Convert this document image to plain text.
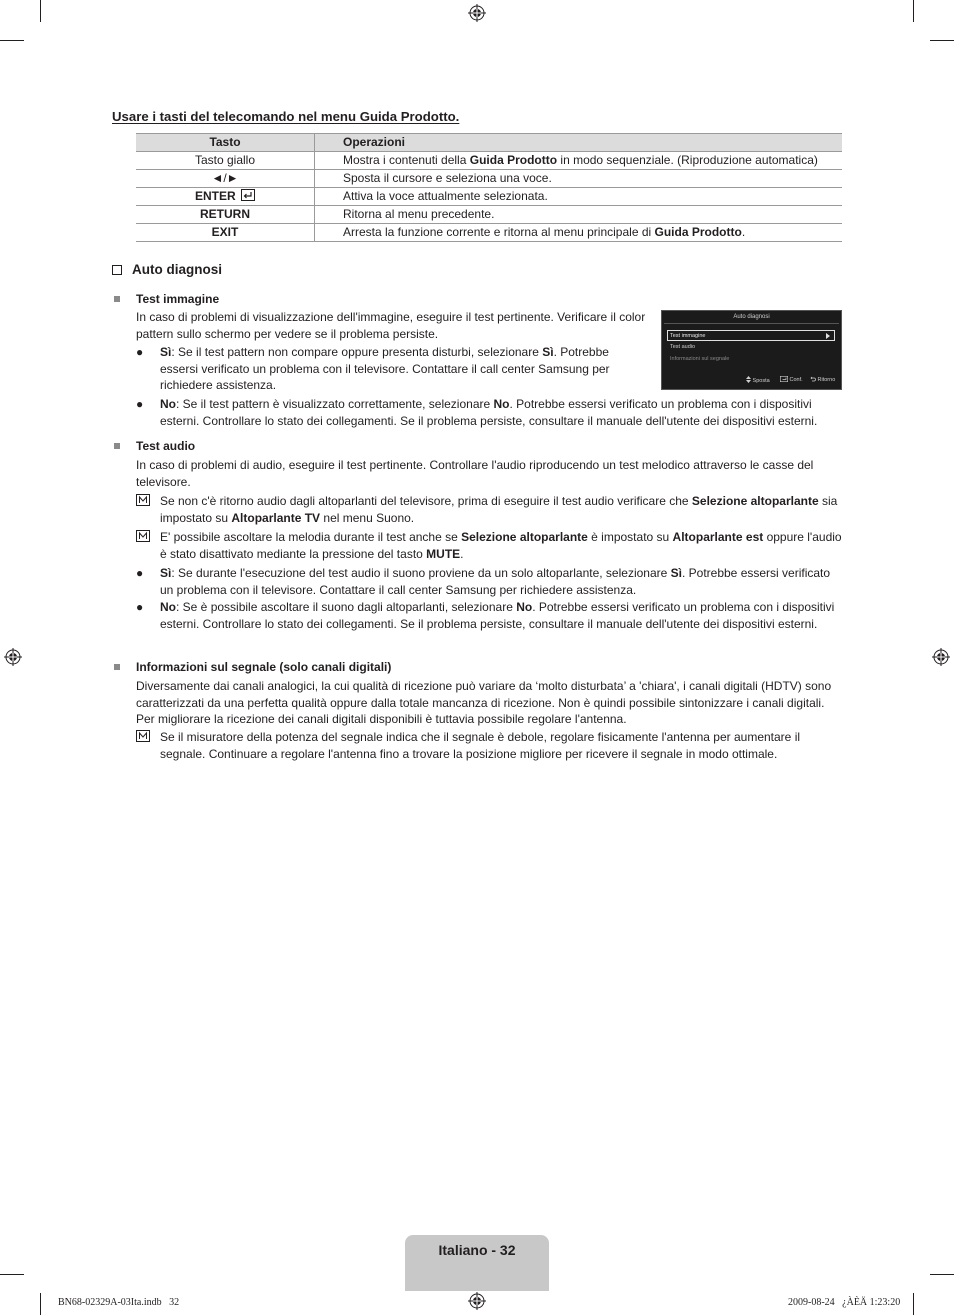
Usare i tasti del telecomando nel menu Guida Prodotto.
Tasto	Operazioni
Tasto giallo	Mostra i contenuti della Guida Prodotto in modo sequenziale. (Riproduzione automatica)
◄/►	Sposta il cursore e seleziona una voce.
ENTER	Attiva la voce attualmente selezionata.
RETURN	Ritorna al menu precedente.
EXIT	Arresta la funzione corrente e ritorna al menu principale di Guida Prodotto.
Auto diagnosi
Test immagine
In caso di problemi di visualizzazione dell'immagine, eseguire il test pertinente. Verificare il color pattern sullo schermo per vedere se il problema persiste.
●	Sì: Se il test pattern non compare oppure presenta disturbi, selezionare Sì. Potrebbe essersi verificato un problema con il televisore. Contattare il call center Samsung per richiedere assistenza.
●	No: Se il test pattern è visualizzato correttamente, selezionare No. Potrebbe essersi verificato un problema con i dispositivi esterni. Controllare lo stato dei collegamenti. Se il problema persiste, consultare il manuale dell'utente dei dispositivi esterni.
Auto diagnosi
Test immagine
Test audio
Informazioni sul segnale
Sposta	Conf.	Ritorno
Test audio
In caso di problemi di audio, eseguire il test pertinente. Controllare l'audio riproducendo un test melodico attraverso le casse del televisore.
Se non c'è ritorno audio dagli altoparlanti del televisore, prima di eseguire il test audio verificare che Selezione altoparlante sia impostato su Altoparlante TV nel menu Suono.
E' possibile ascoltare la melodia durante il test anche se Selezione altoparlante è impostato su Altoparlante est oppure l'audio è stato disattivato mediante la pressione del tasto MUTE.
●	Sì: Se durante l'esecuzione del test audio il suono proviene da un solo altoparlante, selezionare Sì. Potrebbe essersi verificato un problema con il televisore. Contattare il call center Samsung per richiedere assistenza.
●	No: Se è possibile ascoltare il suono dagli altoparlanti, selezionare No. Potrebbe essersi verificato un problema con i dispositivi esterni. Controllare lo stato dei collegamenti. Se il problema persiste, consultare il manuale dell'utente dei dispositivi esterni.
Informazioni sul segnale (solo canali digitali)
Diversamente dai canali analogici, la cui qualità di ricezione può variare da ‘molto disturbata’ a 'chiara', i canali digitali (HDTV) sono caratterizzati da una perfetta qualità oppure dalla totale mancanza di ricezione. Non è quindi possibile sintonizzare i canali digitali. Per migliorare la ricezione dei canali digitali disponibili è tuttavia possibile regolare l'antenna.
Se il misuratore della potenza del segnale indica che il segnale è debole, regolare fisicamente l'antenna per aumentare il segnale. Continuare a regolare l'antenna fino a trovare la posizione migliore per ricevere il segnale in modo ottimale.
Italiano - 32
BN68-02329A-03Ita.indb   32	2009-08-24   ¿ÀÈÄ 1:23:20
